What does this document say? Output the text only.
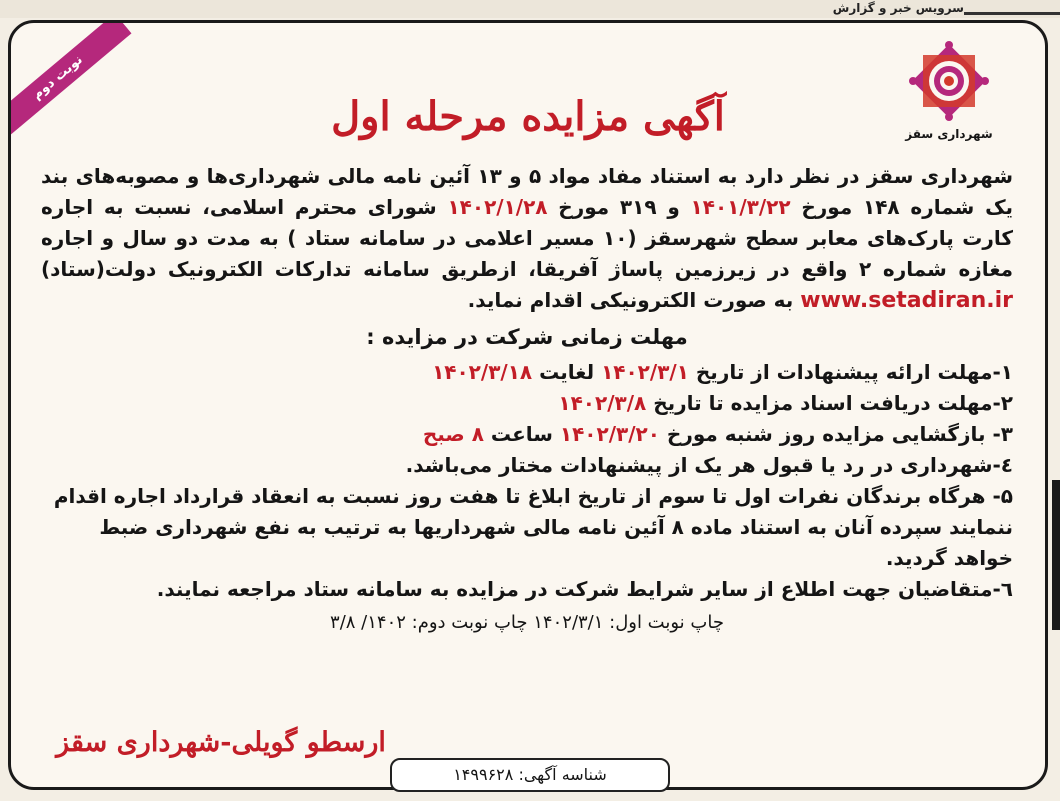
سرویس خبر و گزارش
نوبت دوم
شهرداری سقز
آگهی مزایده مرحله اول
شهرداری سقز در نظر دارد به استناد مفاد مواد ۵ و ۱۳ آئین نامه مالی شهرداری‌ها و مصوبه‌های بند یک شماره ۱۴۸ مورخ ۱۴۰۱/۳/۲۲ و ۳۱۹ مورخ ۱۴۰۲/۱/۲۸ شورای محترم اسلامی، نسبت به اجاره کارت پارک‌های معابر سطح شهرسقز (۱۰ مسیر اعلامی در سامانه ستاد ) به مدت دو سال و اجاره مغازه شماره ۲ واقع در زیرزمین پاساژ آفریقا، ازطریق سامانه تدارکات الکترونیک دولت(ستاد) www.setadiran.ir به صورت الکترونیکی اقدام نماید.
مهلت زمانی شرکت در مزایده :
۱-مهلت ارائه پیشنهادات از تاریخ ۱۴۰۲/۳/۱ لغایت ۱۴۰۲/۳/۱۸
۲-مهلت دریافت اسناد مزایده تا تاریخ ۱۴۰۲/۳/۸
۳- بازگشایی مزایده روز شنبه مورخ ۱۴۰۲/۳/۲۰ ساعت ۸ صبح
٤-شهرداری در رد یا قبول هر یک از پیشنهادات مختار می‌باشد.
۵- هرگاه برندگان نفرات اول تا سوم از تاریخ ابلاغ تا هفت روز نسبت به انعقاد قرارداد اجاره اقدام ننمایند سپرده آنان به استناد ماده ۸ آئین نامه مالی شهرداریها به ترتیب به نفع شهرداری ضبط خواهد گردید.
٦-متقاضیان جهت اطلاع از سایر شرایط شرکت در مزایده به سامانه ستاد مراجعه نمایند.
چاپ نوبت اول: ۱۴۰۲/۳/۱ چاپ نوبت دوم: ۱۴۰۲/ ۳/۸
ارسطو گویلی-شهرداری سقز
شناسه آگهی: ۱۴۹۹۶۲۸
